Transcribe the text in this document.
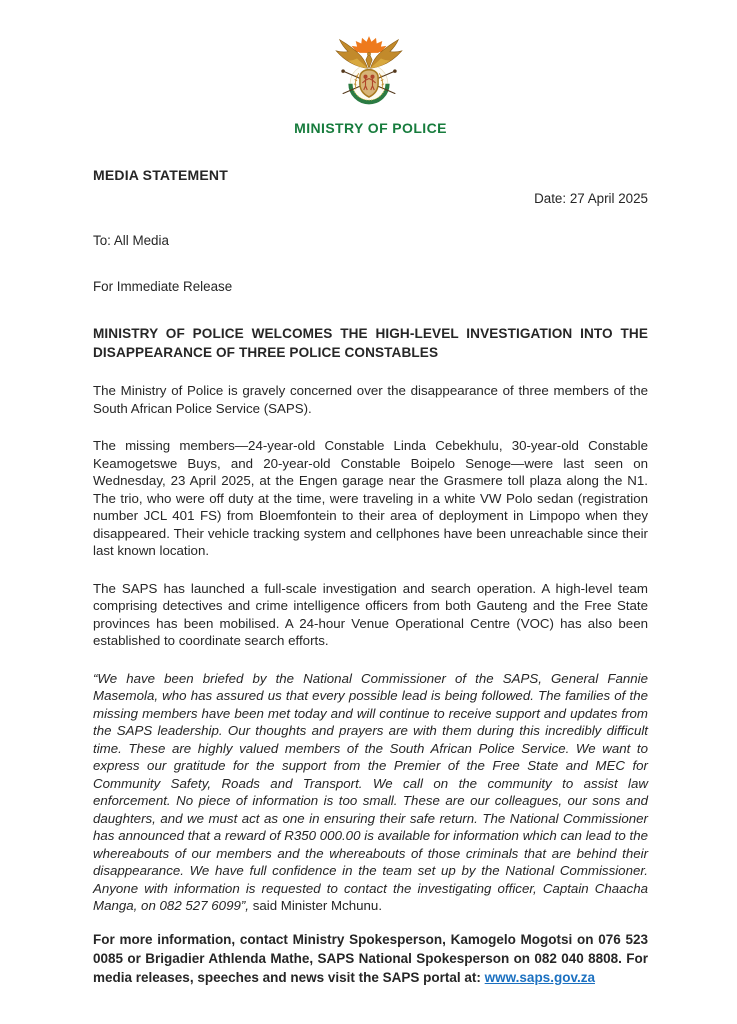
MINISTRY OF POLICE
MEDIA STATEMENT
Date: 27 April 2025
To: All Media
For Immediate Release
MINISTRY OF POLICE WELCOMES THE HIGH-LEVEL INVESTIGATION INTO THE DISAPPEARANCE OF THREE POLICE CONSTABLES

The Ministry of Police is gravely concerned over the disappearance of three members of the South African Police Service (SAPS).

The missing members—24-year-old Constable Linda Cebekhulu, 30-year-old Constable Keamogetswe Buys, and 20-year-old Constable Boipelo Senoge—were last seen on Wednesday, 23 April 2025, at the Engen garage near the Grasmere toll plaza along the N1. The trio, who were off duty at the time, were traveling in a white VW Polo sedan (registration number JCL 401 FS) from Bloemfontein to their area of deployment in Limpopo when they disappeared. Their vehicle tracking system and cellphones have been unreachable since their last known location.

The SAPS has launched a full-scale investigation and search operation. A high-level team comprising detectives and crime intelligence officers from both Gauteng and the Free State provinces has been mobilised. A 24-hour Venue Operational Centre (VOC) has also been established to coordinate search efforts.

“We have been briefed by the National Commissioner of the SAPS, General Fannie Masemola, who has assured us that every possible lead is being followed. The families of the missing members have been met today and will continue to receive support and updates from the SAPS leadership. Our thoughts and prayers are with them during this incredibly difficult time. These are highly valued members of the South African Police Service. We want to express our gratitude for the support from the Premier of the Free State and MEC for Community Safety, Roads and Transport. We call on the community to assist law enforcement. No piece of information is too small. These are our colleagues, our sons and daughters, and we must act as one in ensuring their safe return. The National Commissioner has announced that a reward of R350 000.00 is available for information which can lead to the whereabouts of our members and the whereabouts of those criminals that are behind their disappearance. We have full confidence in the team set up by the National Commissioner. Anyone with information is requested to contact the investigating officer, Captain Chaacha Manga, on 082 527 6099”, said Minister Mchunu.

For more information, contact Ministry Spokesperson, Kamogelo Mogotsi on 076 523 0085 or Brigadier Athlenda Mathe, SAPS National Spokesperson on 082 040 8808. For media releases, speeches and news visit the SAPS portal at: www.saps.gov.za
